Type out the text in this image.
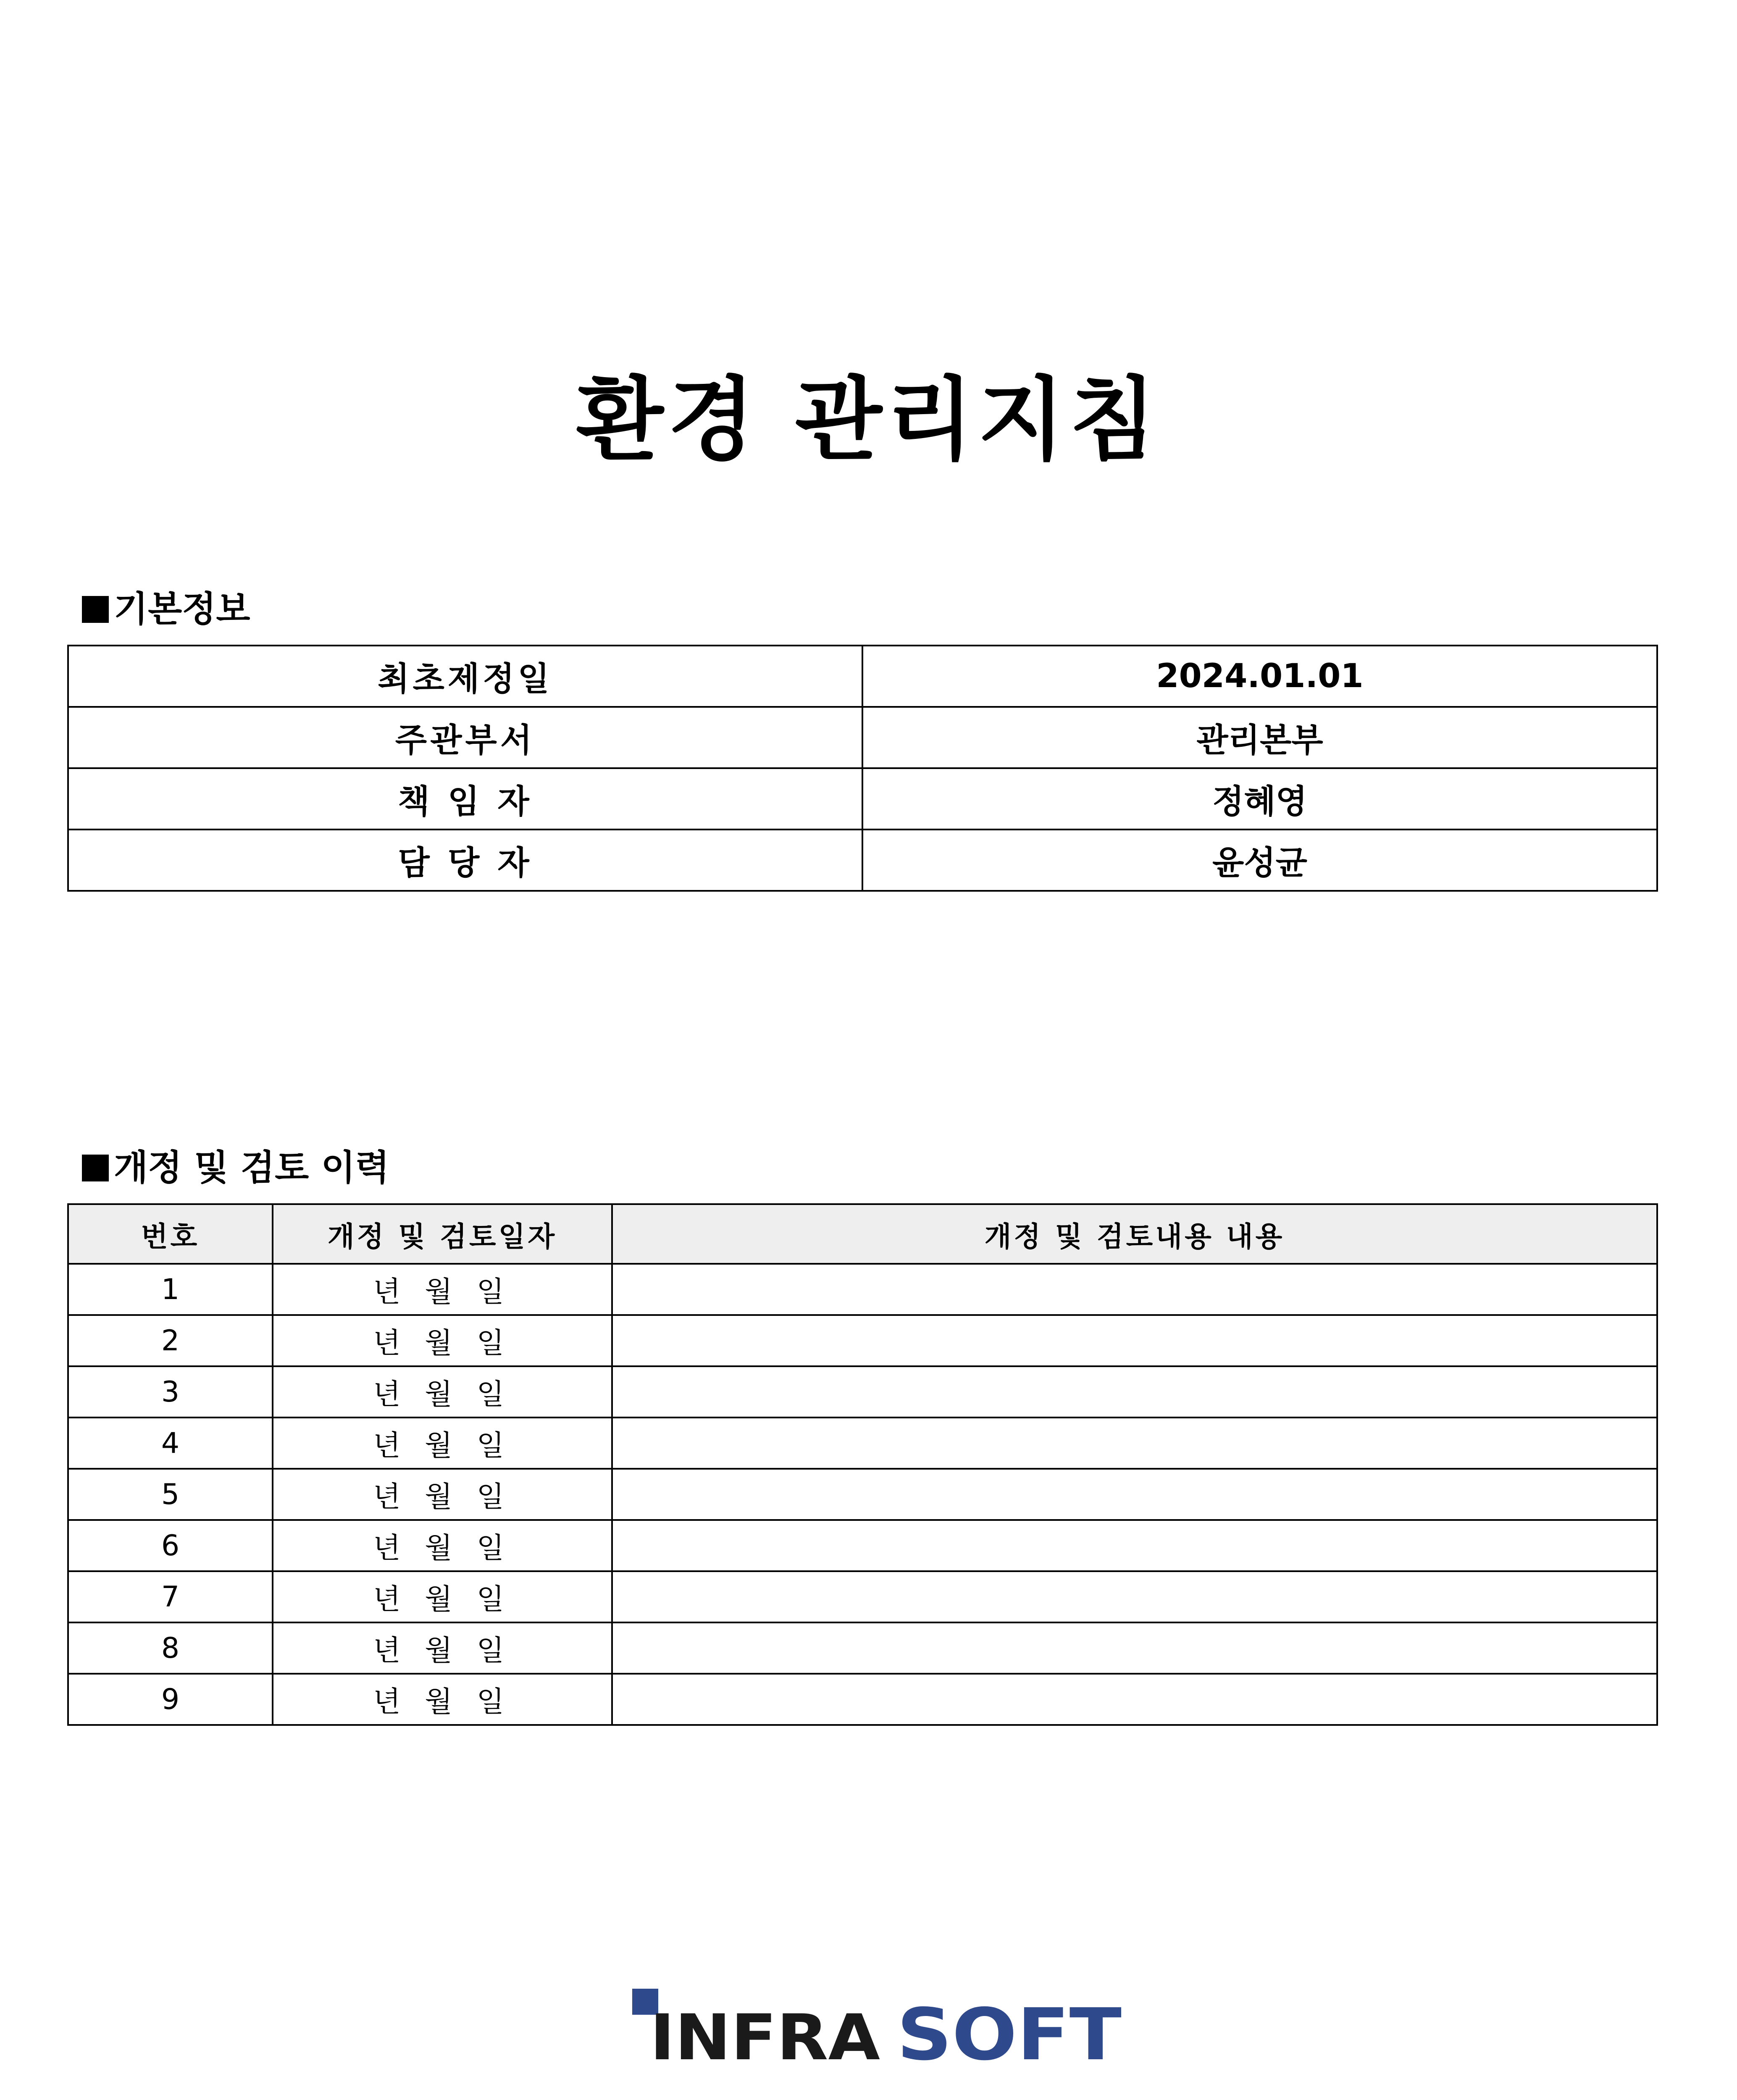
환경 관리지침
기본정보
최초제정일	2024.01.01
주관부서	관리본부
책 임 자	정혜영
담 당 자	윤성균
개정 및 검토 이력
번호	개정 및 검토일자	개정 및 검토내용 내용
1	년 월 일	
2	년 월 일	
3	년 월 일	
4	년 월 일	
5	년 월 일	
6	년 월 일	
7	년 월 일	
8	년 월 일	
9	년 월 일	
INFRA SOFT
